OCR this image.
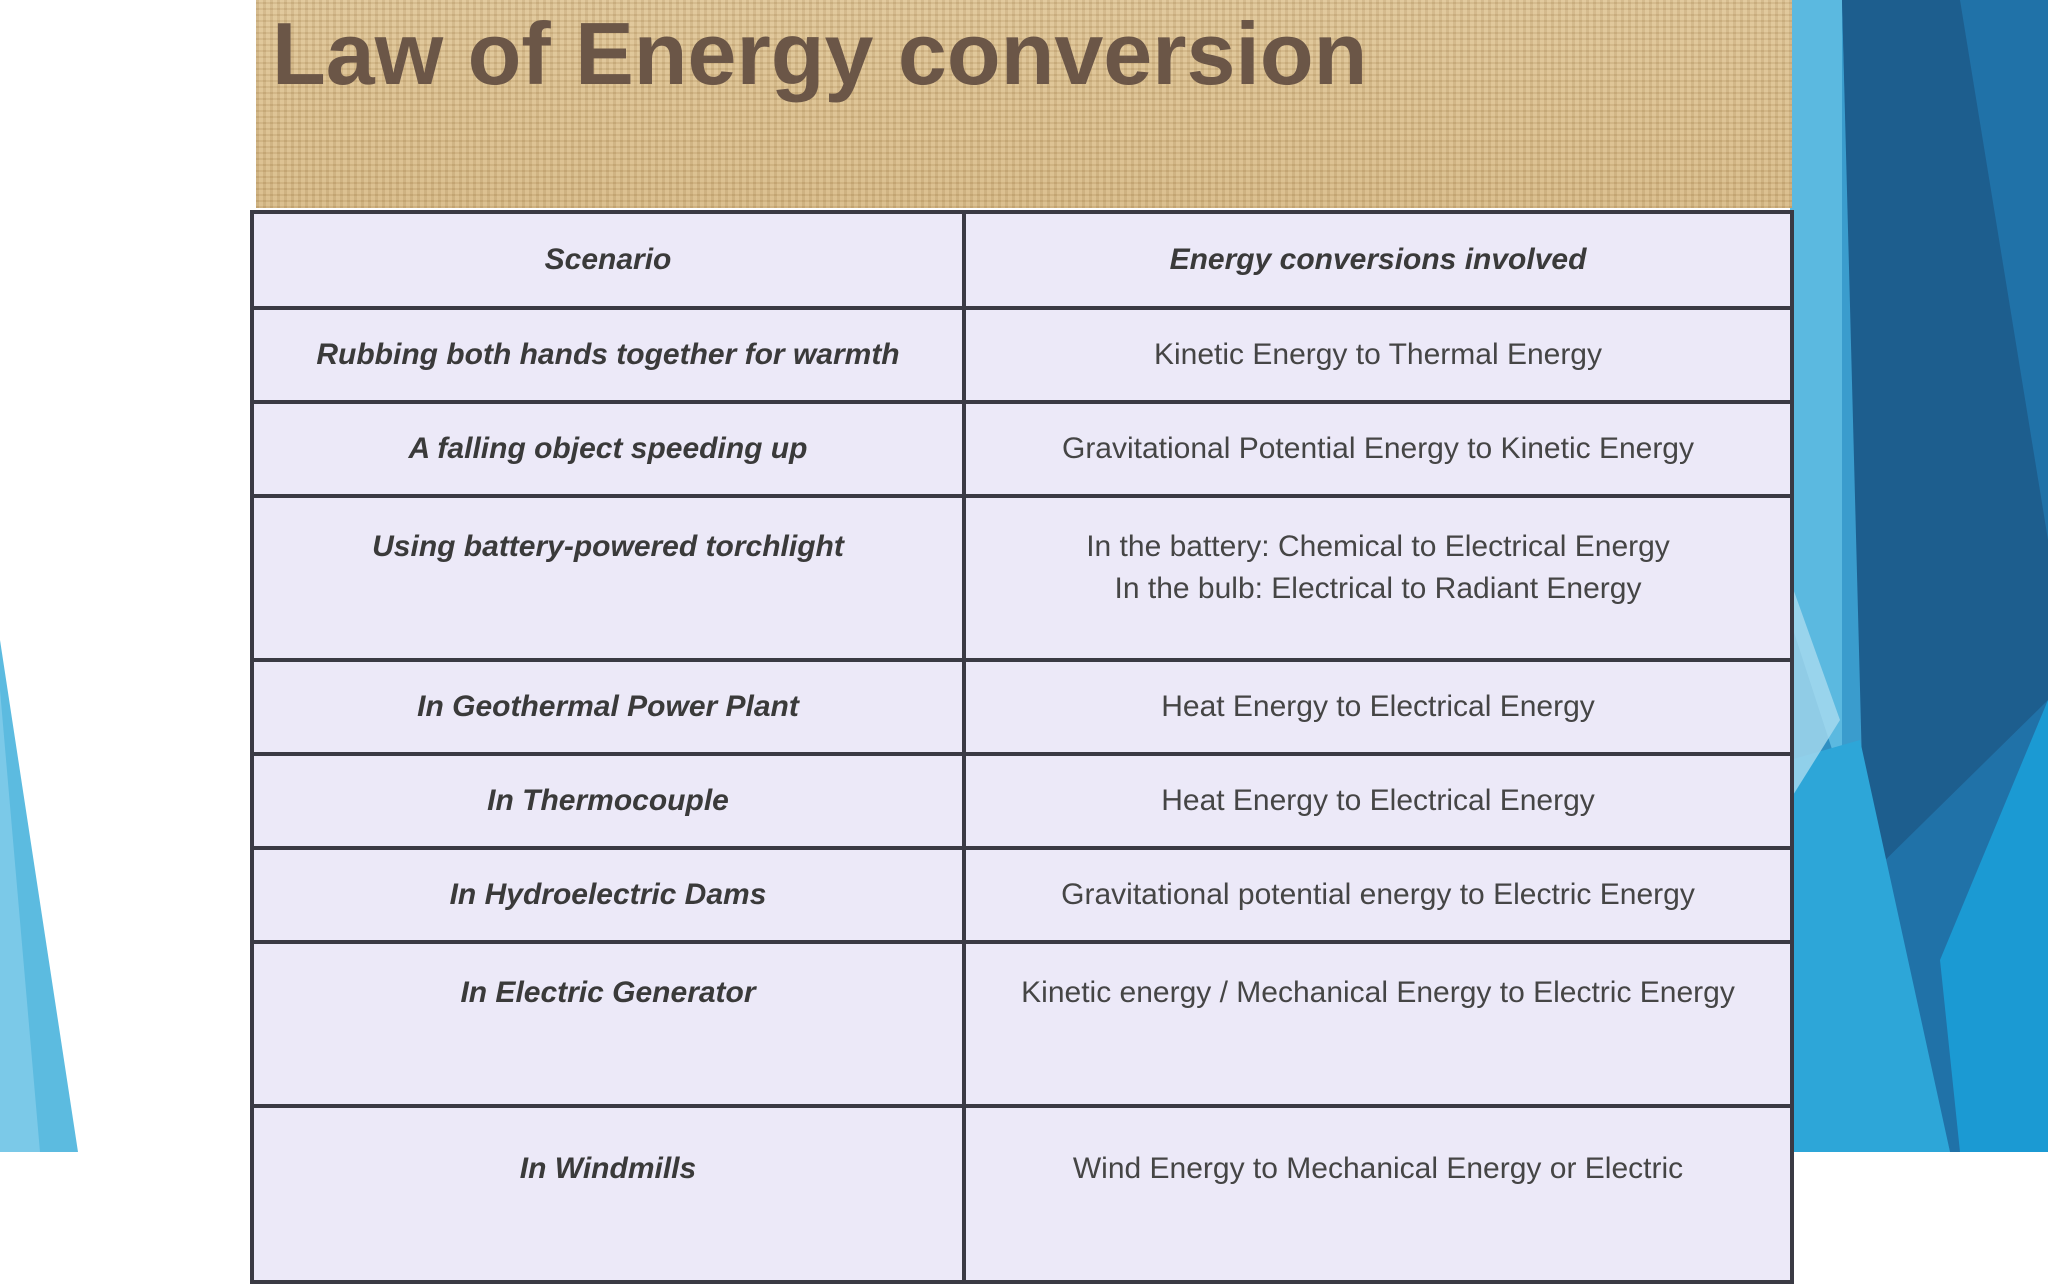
Law of Energy conversion
Scenario	Energy conversions involved
Rubbing both hands together for warmth	Kinetic Energy to Thermal Energy
A falling object speeding up	Gravitational Potential Energy to Kinetic Energy
Using battery-powered torchlight	In the battery: Chemical to Electrical Energy
In the bulb: Electrical to Radiant Energy

In Geothermal Power Plant	Heat Energy to Electrical Energy
In Thermocouple	Heat Energy to Electrical Energy
In Hydroelectric Dams	Gravitational potential energy to Electric Energy
In Electric Generator	Kinetic energy / Mechanical Energy to Electric Energy
In Windmills	Wind Energy to Mechanical Energy or Electric
